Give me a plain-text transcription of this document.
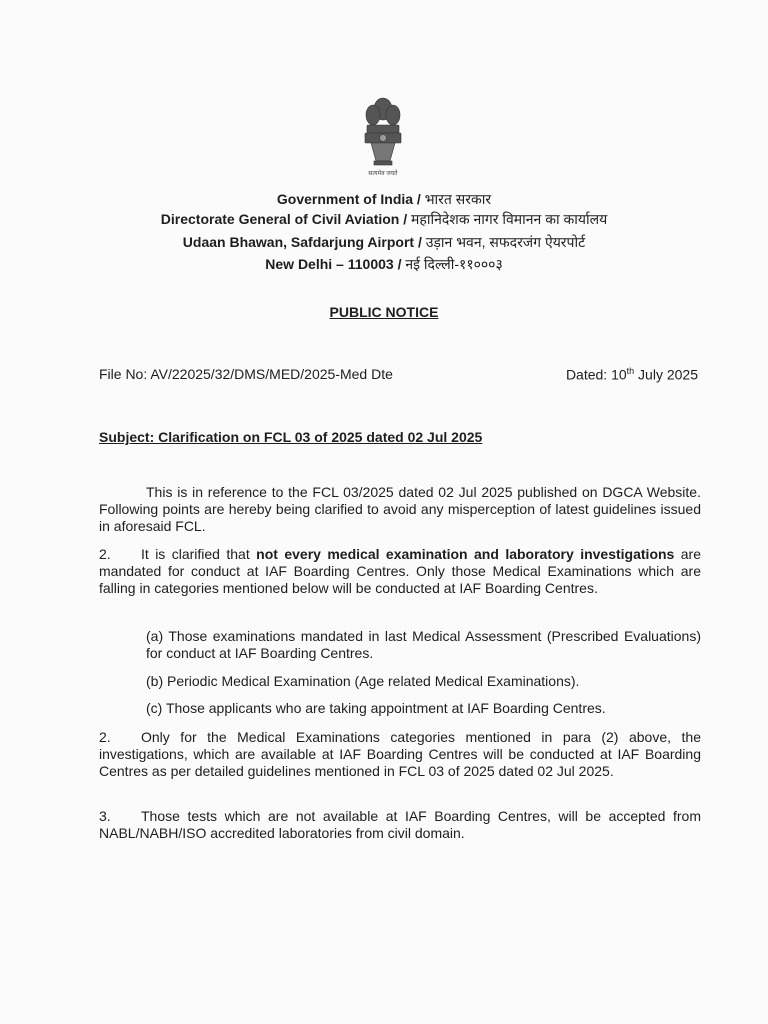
सत्यमेव जयते
Government of India / भारत सरकार
Directorate General of Civil Aviation / महानिदेशक नागर विमानन का कार्यालय
Udaan Bhawan, Safdarjung Airport / उड़ान भवन, सफदरजंग ऐयरपोर्ट
New Delhi – 110003 / नई दिल्ली-११०००३
PUBLIC NOTICE
File No: AV/22025/32/DMS/MED/2025-Med Dte	Dated: 10th July 2025
Subject: Clarification on FCL 03 of 2025 dated 02 Jul 2025
This is in reference to the FCL 03/2025 dated 02 Jul 2025 published on DGCA Website. Following points are hereby being clarified to avoid any misperception of latest guidelines issued in aforesaid FCL.
2. It is clarified that not every medical examination and laboratory investigations are mandated for conduct at IAF Boarding Centres. Only those Medical Examinations which are falling in categories mentioned below will be conducted at IAF Boarding Centres.
(a) Those examinations mandated in last Medical Assessment (Prescribed Evaluations) for conduct at IAF Boarding Centres.
(b) Periodic Medical Examination (Age related Medical Examinations).
(c) Those applicants who are taking appointment at IAF Boarding Centres.
2. Only for the Medical Examinations categories mentioned in para (2) above, the investigations, which are available at IAF Boarding Centres will be conducted at IAF Boarding Centres as per detailed guidelines mentioned in FCL 03 of 2025 dated 02 Jul 2025.
3. Those tests which are not available at IAF Boarding Centres, will be accepted from NABL/NABH/ISO accredited laboratories from civil domain.
